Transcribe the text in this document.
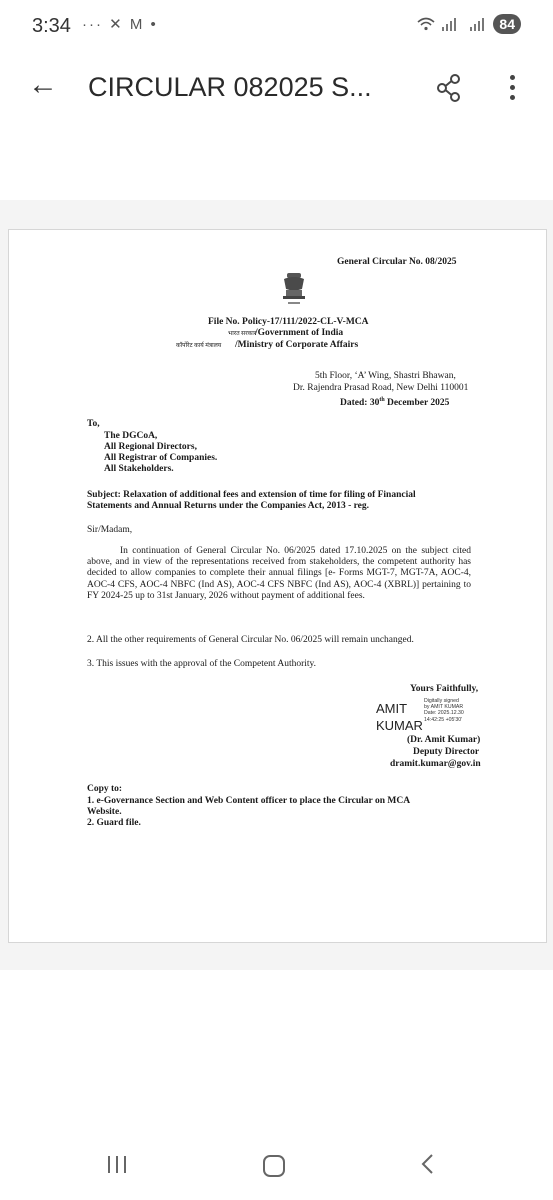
3:34 ··· ✕ M •	84
← CIRCULAR 082025 S...
General Circular No. 08/2025
File No. Policy-17/111/2022-CL-V-MCA
भारत सरकार
/Government of India
कॉर्पोरेट कार्य मंत्रालय /Ministry of Corporate Affairs
5th Floor, ‘A’ Wing, Shastri Bhawan,
Dr. Rajendra Prasad Road, New Delhi 110001
Dated: 30th December 2025
To,
The DGCoA,
All Regional Directors,
All Registrar of Companies.
All Stakeholders.
Subject: Relaxation of additional fees and extension of time for filing of Financial
Statements and Annual Returns under the Companies Act, 2013 - reg.
Sir/Madam,
In continuation of General Circular No. 06/2025 dated 17.10.2025 on the subject cited above, and in view of the representations received from stakeholders, the competent authority has decided to allow companies to complete their annual filings [e- Forms MGT-7, MGT-7A, AOC-4, AOC-4 CFS, AOC-4 NBFC (Ind AS), AOC-4 CFS NBFC (Ind AS), AOC-4 (XBRL)] pertaining to FY 2024-25 up to 31st January, 2026 without payment of additional fees.
2. All the other requirements of General Circular No. 06/2025 will remain unchanged.
3. This issues with the approval of the Competent Authority.
Yours Faithfully,
AMIT
KUMAR
Digitally signed
by AMIT KUMAR
Date: 2025.12.30
14:42:25 +05'30'
(Dr. Amit Kumar)
Deputy Director
dramit.kumar@gov.in
Copy to:
1. e-Governance Section and Web Content officer to place the Circular on MCA
Website.
2. Guard file.
